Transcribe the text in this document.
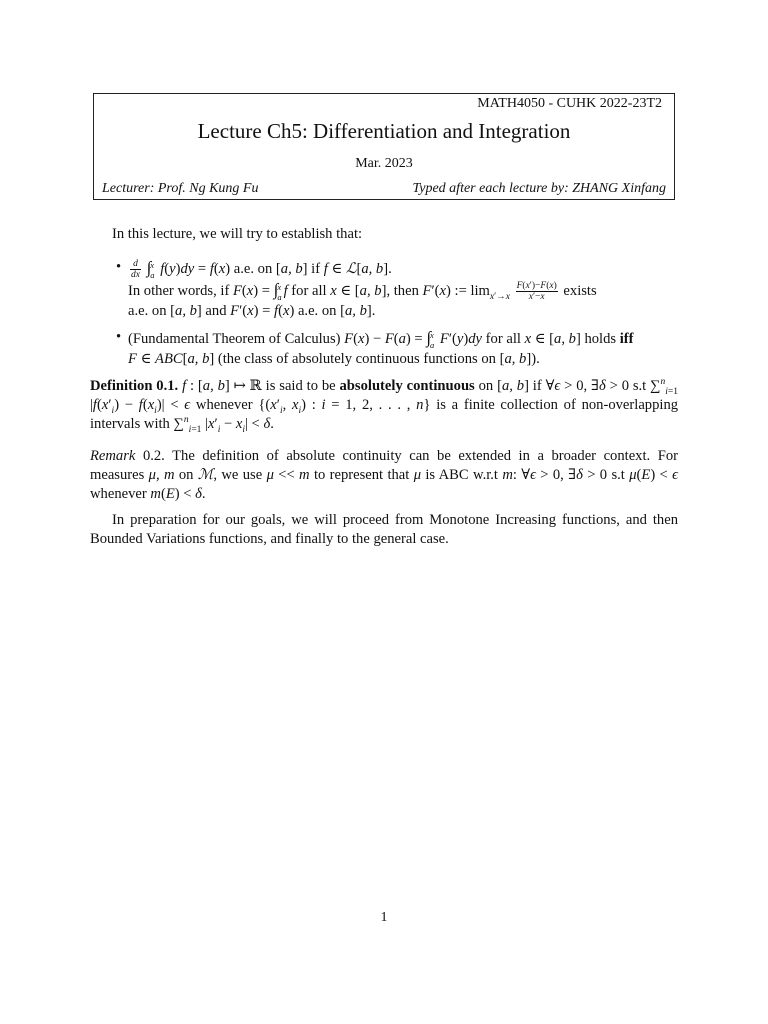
MATH4050 - CUHK 2022-23T2
Lecture Ch5: Differentiation and Integration
Mar. 2023
Lecturer: Prof. Ng Kung Fu	Typed after each lecture by: ZHANG Xinfang
In this lecture, we will try to establish that:
• $\frac{d}{dx}$ ∫ x
a f(y)dy = f(x) a.e. on [a, b] if f ∈ ℒ[a, b].
In other words, if F(x) = ∫ x
a f for all x ∈ [a, b], then F′(x) := $\lim_{x'\to x} \frac{F(x')-F(x)}{x'-x}$ exists
a.e. on [a, b] and F′(x) = f(x) a.e. on [a, b].
• (Fundamental Theorem of Calculus) F(x) − F(a) = ∫ x
a F′(y)dy for all x ∈ [a, b] holds iff
F ∈ ABC[a, b] (the class of absolutely continuous functions on [a, b]).
Definition 0.1. f : [a, b] ↦ ℝ is said to be absolutely continuous on [a, b] if ∀ϵ > 0, ∃δ > 0 s.t ∑$^n_{i=1}$ $|f(x'_i) - f(x_i)| < \epsilon$ whenever {($x'_i$, $x_i$) : i = 1, 2, . . . , n} is a finite collection of non-overlapping intervals with ∑$^n_{i=1}$ $|x'_i - x_i| < \delta$.
Remark 0.2. The definition of absolute continuity can be extended in a broader context. For measures μ, m on ℳ, we use μ << m to represent that μ is ABC w.r.t m: ∀ϵ > 0, ∃δ > 0 s.t μ(E) < ϵ whenever m(E) < δ.
In preparation for our goals, we will proceed from Monotone Increasing functions, and then Bounded Variations functions, and finally to the general case.
1
